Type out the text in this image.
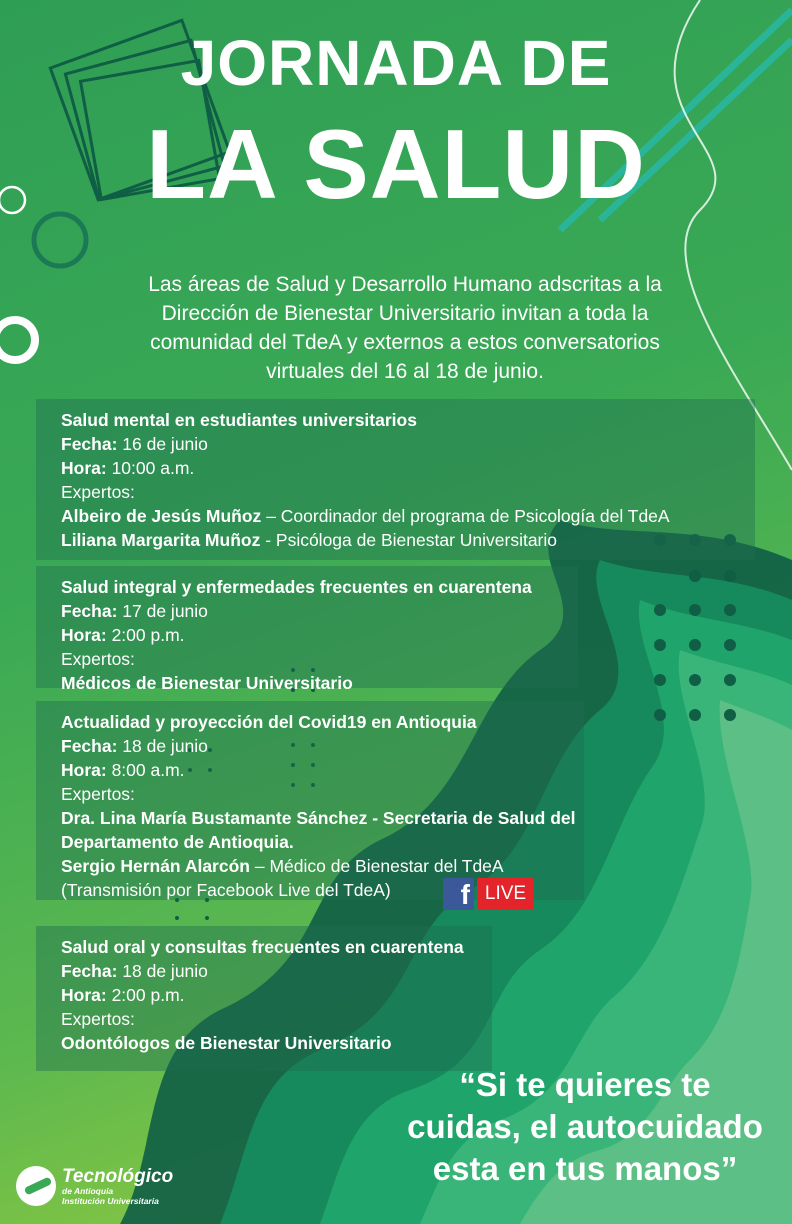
JORNADA DE
LA SALUD
Las áreas de Salud y Desarrollo Humano adscritas a la
Dirección de Bienestar Universitario invitan a toda la
comunidad del TdeA y externos a estos conversatorios
virtuales del 16 al 18 de junio.
Salud mental en estudiantes universitarios
Fecha: 16 de junio
Hora: 10:00 a.m.
Expertos:
Albeiro de Jesús Muñoz – Coordinador del programa de Psicología del TdeA
Liliana Margarita Muñoz - Psicóloga de Bienestar Universitario
Salud integral y enfermedades frecuentes en cuarentena
Fecha: 17 de junio
Hora: 2:00 p.m.
Expertos:
Médicos de Bienestar Universitario
Actualidad y proyección del Covid19 en Antioquia
Fecha: 18 de junio
Hora: 8:00 a.m.
Expertos:
Dra. Lina María Bustamante Sánchez - Secretaria de Salud del
Departamento de Antioquia.
Sergio Hernán Alarcón – Médico de Bienestar del TdeA
(Transmisión por Facebook Live del TdeA)	f LIVE
Salud oral y consultas frecuentes en cuarentena
Fecha: 18 de junio
Hora: 2:00 p.m.
Expertos:
Odontólogos de Bienestar Universitario
“Si te quieres te
cuidas, el autocuidado
esta en tus manos”
Tecnológico
de Antioquia
Institución Universitaria
